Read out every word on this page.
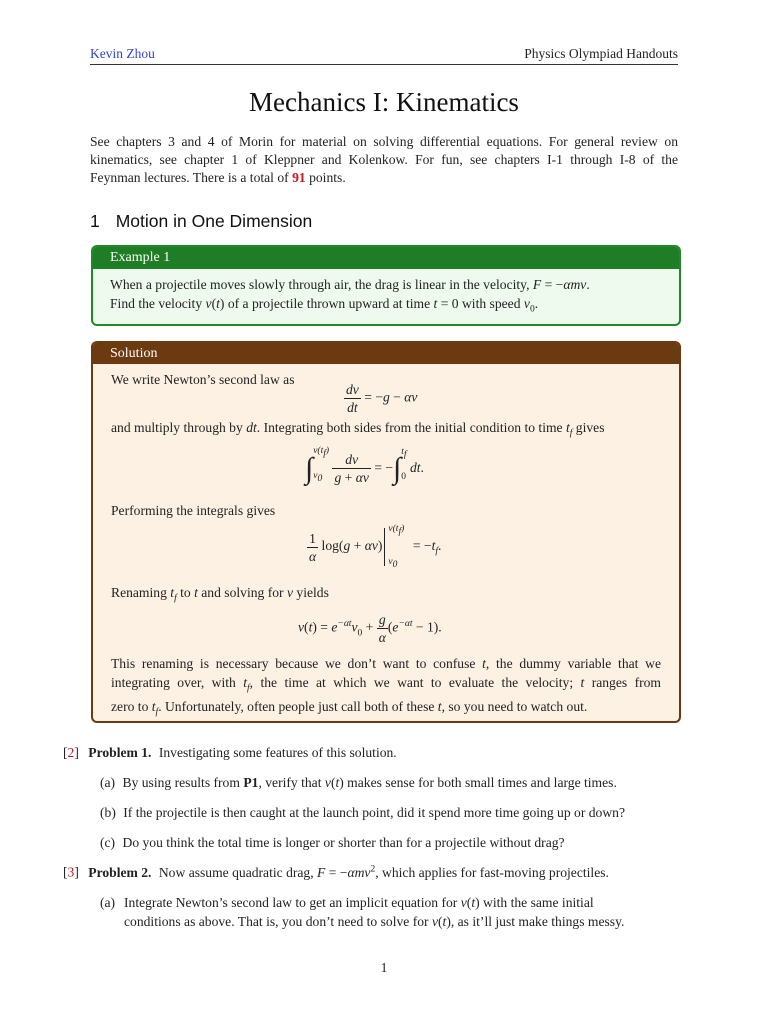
Kevin Zhou	Physics Olympiad Handouts
Mechanics I: Kinematics
See chapters 3 and 4 of Morin for material on solving differential equations. For general review on
kinematics, see chapter 1 of Kleppner and Kolenkow. For fun, see chapters I-1 through I-8 of the
Feynman lectures. There is a total of 91 points.
1 Motion in One Dimension
Example 1
When a projectile moves slowly through air, the drag is linear in the velocity, F = −αmv.
Find the velocity v(t) of a projectile thrown upward at time t = 0 with speed $v_0$.
Solution
We write Newton’s second law as
$\frac{dv}{dt} = -g - \alpha v$
and multiply through by dt. Integrating both sides from the initial condition to time $t_f$ gives
∫
$v(t_f)$
$v_0$
$\frac{dv}{g + \alpha v}$ = −∫ $t_f$
0
dt.
Performing the integrals gives
$\frac{1}{\alpha} \log(g + \alpha v)$
$v(t_f)$
$v_0$
= $-t_f$.
Renaming $t_f$ to t and solving for v yields
$v(t) = e^{-\alpha t}v_0 + \frac{g}{\alpha} (e^{-\alpha t} - 1)$.
This renaming is necessary because we don’t want to confuse t, the dummy variable that we
integrating over, with $t_f$, the time at which we want to evaluate the velocity; t ranges from
zero to $t_f$. Unfortunately, often people just call both of these t, so you need to watch out.
[2] Problem 1. Investigating some features of this solution.
(a) By using results from P1, verify that v(t) makes sense for both small times and large times.
(b) If the projectile is then caught at the launch point, did it spend more time going up or down?
(c) Do you think the total time is longer or shorter than for a projectile without drag?
[3] Problem 2. Now assume quadratic drag, F = −αmv$^2$, which applies for fast-moving projectiles.
(a) Integrate Newton’s second law to get an implicit equation for v(t) with the same initial
conditions as above. That is, you don’t need to solve for v(t), as it’ll just make things messy.
1
